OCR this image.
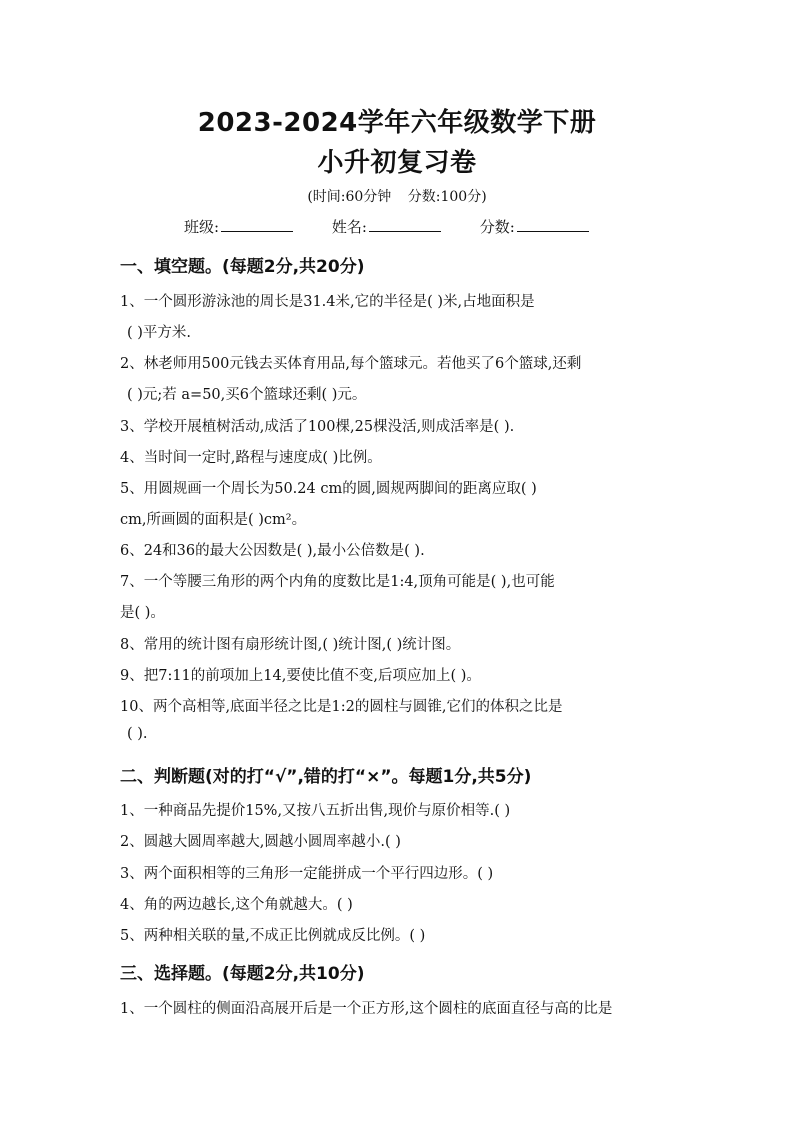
2023-2024学年六年级数学下册
小升初复习卷
(时间:60分钟 分数:100分)
班级:	姓名:	分数:
一、填空题。(每题2分,共20分)
1、一个圆形游泳池的周长是31.4米,它的半径是( )米,占地面积是
( )平方米.
2、林老师用500元钱去买体育用品,每个篮球元。若他买了6个篮球,还剩
( )元;若 a=50,买6个篮球还剩( )元。
3、学校开展植树活动,成活了100棵,25棵没活,则成活率是( ).
4、当时间一定时,路程与速度成( )比例。
5、用圆规画一个周长为50.24 cm的圆,圆规两脚间的距离应取( )
cm,所画圆的面积是( )cm²。
6、24和36的最大公因数是( ),最小公倍数是( ).
7、一个等腰三角形的两个内角的度数比是1:4,顶角可能是( ),也可能
是( )。
8、常用的统计图有扇形统计图,( )统计图,( )统计图。
9、把7:11的前项加上14,要使比值不变,后项应加上( )。
10、两个高相等,底面半径之比是1:2的圆柱与圆锥,它们的体积之比是
( ).
二、判断题(对的打“√”,错的打“×”。每题1分,共5分)
1、一种商品先提价15%,又按八五折出售,现价与原价相等.( )
2、圆越大圆周率越大,圆越小圆周率越小.( )
3、两个面积相等的三角形一定能拼成一个平行四边形。( )
4、角的两边越长,这个角就越大。( )
5、两种相关联的量,不成正比例就成反比例。( )
三、选择题。(每题2分,共10分)
1、一个圆柱的侧面沿高展开后是一个正方形,这个圆柱的底面直径与高的比是
